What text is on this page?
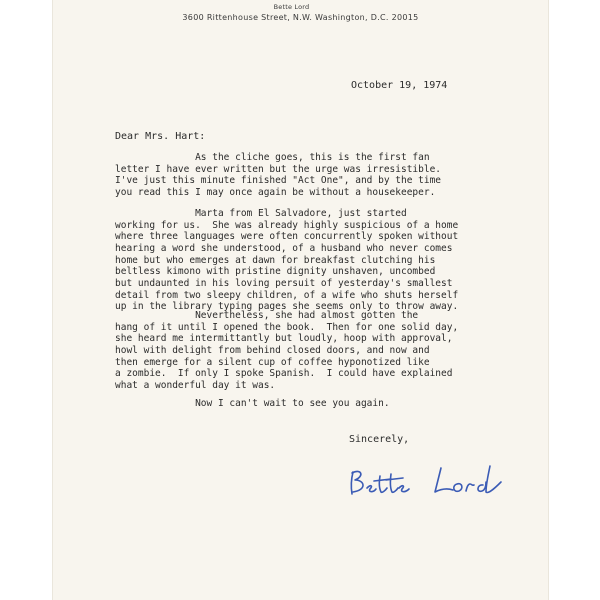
Bette Lord
3600 Rittenhouse Street, N.W. Washington, D.C. 20015
October 19, 1974
Dear Mrs. Hart:
As the cliche goes, this is the first fan
letter I have ever written but the urge was irresistible.
I've just this minute finished "Act One", and by the time
you read this I may once again be without a housekeeper.
Marta from El Salvadore, just started
working for us.  She was already highly suspicious of a home
where three languages were often concurrently spoken without
hearing a word she understood, of a husband who never comes
home but who emerges at dawn for breakfast clutching his
beltless kimono with pristine dignity unshaven, uncombed
but undaunted in his loving persuit of yesterday's smallest
detail from two sleepy children, of a wife who shuts herself
up in the library typing pages she seems only to throw away.
Nevertheless, she had almost gotten the
hang of it until I opened the book.  Then for one solid day,
she heard me intermittantly but loudly, hoop with approval,
howl with delight from behind closed doors, and now and
then emerge for a silent cup of coffee hyponotized like
a zombie.  If only I spoke Spanish.  I could have explained
what a wonderful day it was.
Now I can't wait to see you again.
Sincerely,
